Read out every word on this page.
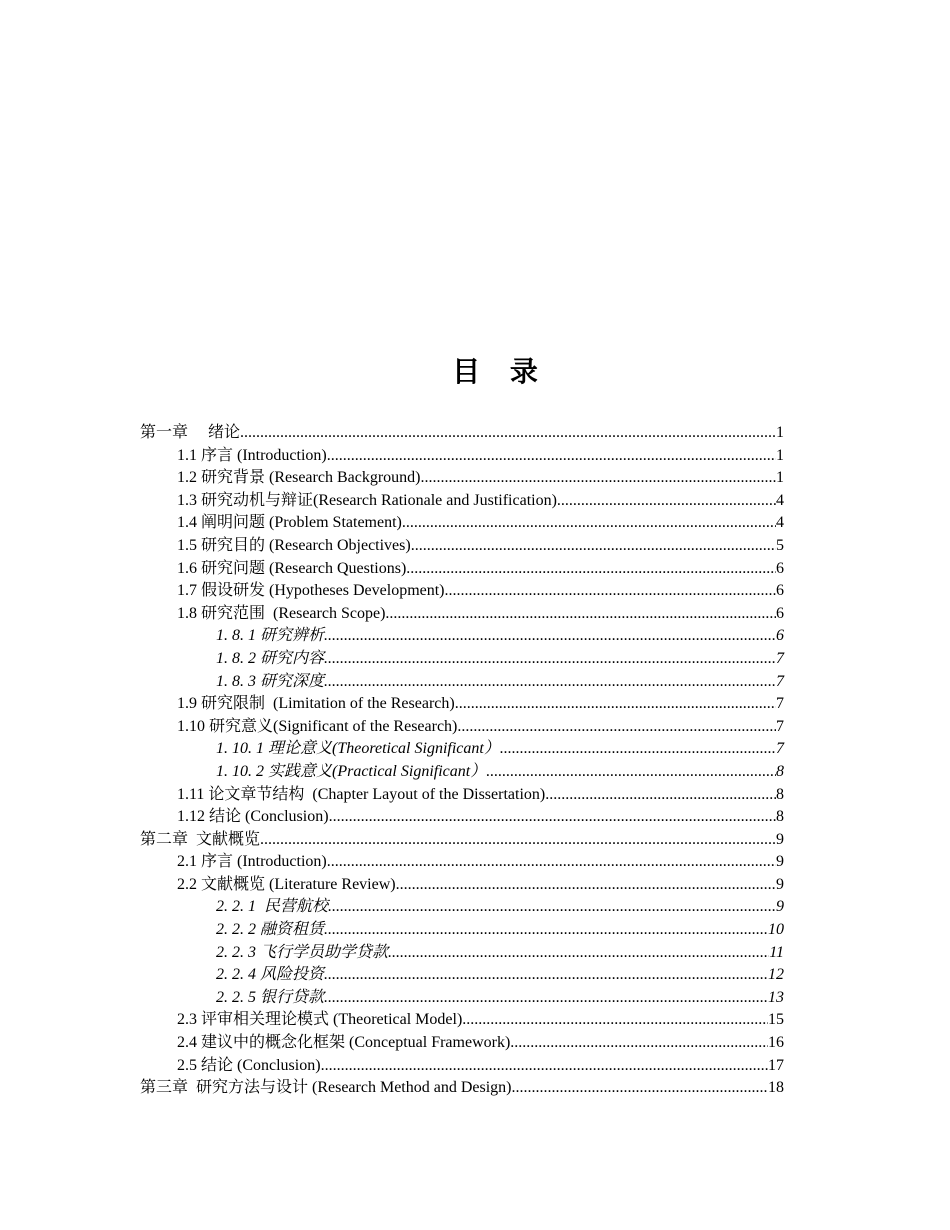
目 录
第一章　 绪论 .....	1
1.1 序言 (Introduction) .....	1
1.2 研究背景 (Research Background) .....	1
1.3 研究动机与辩证(Research Rationale and Justification) .....	4
1.4 阐明问题 (Problem Statement) .....	4
1.5 研究目的 (Research Objectives) .....	5
1.6 研究问题 (Research Questions) .....	6
1.7 假设研发 (Hypotheses Development) .....	6
1.8 研究范围  (Research Scope) .....	6
1. 8. 1 研究辨析 .....	6
1. 8. 2 研究内容 .....	7
1. 8. 3 研究深度 .....	7
1.9 研究限制  (Limitation of the Research) .....	7
1.10 研究意义(Significant of the Research) .....	7
1. 10. 1 理论意义(Theoretical Significant） .....	7
1. 10. 2 实践意义(Practical Significant） .....	8
1.11 论文章节结构  (Chapter Layout of the Dissertation) .....	8
1.12 结论 (Conclusion) .....	8
第二章  文献概览 .....	9
2.1 序言 (Introduction) .....	9
2.2 文献概览 (Literature Review) .....	9
2. 2. 1  民营航校 .....	9
2. 2. 2 融资租赁 .....	10
2. 2. 3 飞行学员助学贷款 .....	11
2. 2. 4 风险投资 .....	12
2. 2. 5 银行贷款 .....	13
2.3 评审相关理论模式 (Theoretical Model) .....	15
2.4 建议中的概念化框架 (Conceptual Framework) .....	16
2.5 结论 (Conclusion) .....	17
第三章  研究方法与设计 (Research Method and Design) .....	18
